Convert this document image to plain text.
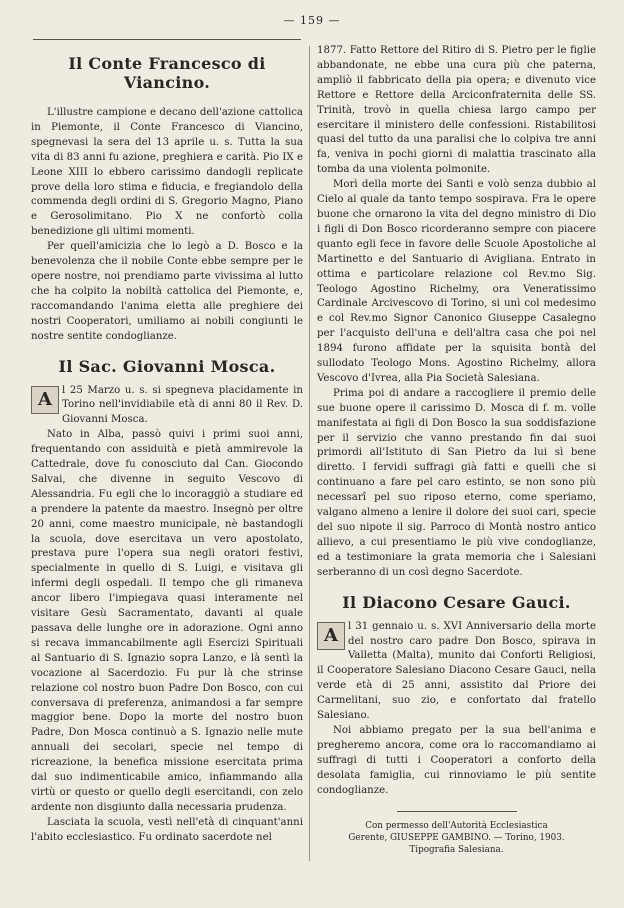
— 159 —
Il Conte Francesco di Viancino.

L'illustre campione e decano dell'azione cattolica in Piemonte, il Conte Francesco di Viancino, spegnevasi la sera del 13 aprile u. s. Tutta la sua vita di 83 anni fu azione, preghiera e carità. Pio IX e Leone XIII lo ebbero carissimo dandogli replicate prove della loro stima e fiducia, e fregiandolo della commenda degli ordini di S. Gregorio Magno, Piano e Gerosolimitano. Pio X ne confortò colla benedizione gli ultimi momenti.

Per quell'amicizia che lo legò a D. Bosco e la benevolenza che il nobile Conte ebbe sempre per le opere nostre, noi prendiamo parte vivissima al lutto che ha colpito la nobiltà cattolica del Piemonte, e, raccomandando l'anima eletta alle preghiere dei nostri Cooperatori, umiliamo ai nobili congiunti le nostre sentite condoglianze.

Il Sac. Giovanni Mosca.

A l 25 Marzo u. s. si spegneva placidamente in Torino nell'invidiabile età di anni 80 il Rev. D. Giovanni Mosca.

Nato in Alba, passò quivi i primi suoi anni, frequentando con assiduità e pietà ammirevole la Cattedrale, dove fu conosciuto dal Can. Giocondo Salvai, che divenne in seguito Vescovo di Alessandria. Fu egli che lo incoraggiò a studiare ed a prendere la patente da maestro. Insegnò per oltre 20 anni, come maestro municipale, nè bastandogli la scuola, dove esercitava un vero apostolato, prestava pure l'opera sua negli oratori festivi, specialmente in quello di S. Luigi, e visitava gli infermi degli ospedali. Il tempo che gli rimaneva ancor libero l'impiegava quasi interamente nel visitare Gesù Sacramentato, davanti al quale passava delle lunghe ore in adorazione. Ogni anno si recava immancabilmente agli Esercizi Spirituali al Santuario di S. Ignazio sopra Lanzo, e là sentì la vocazione al Sacerdozio. Fu pur là che strinse relazione col nostro buon Padre Don Bosco, con cui conversava di preferenza, animandosi a far sempre maggior bene. Dopo la morte del nostro buon Padre, Don Mosca continuò a S. Ignazio nelle mute annuali dei secolari, specie nel tempo di ricreazione, la benefica missione esercitata prima dal suo indimenticabile amico, infiammando alla virtù or questo or quello degli esercitandi, con zelo ardente non disgiunto dalla necessaria prudenza.

Lasciata la scuola, vestì nell'età di cinquant'anni l'abito ecclesiastico. Fu ordinato sacerdote nel

1877. Fatto Rettore del Ritiro di S. Pietro per le figlie abbandonate, ne ebbe una cura più che paterna, ampliò il fabbricato della pia opera; e divenuto vice Rettore e Rettore della Arciconfraternita delle SS. Trinità, trovò in quella chiesa largo campo per esercitare il ministero delle confessioni. Ristabilitosi quasi del tutto da una paralisi che lo colpiva tre anni fa, veniva in pochi giorni di malattia trascinato alla tomba da una violenta polmonite.

Morì della morte dei Santi e volò senza dubbio al Cielo al quale da tanto tempo sospirava. Fra le opere buone che ornarono la vita del degno ministro di Dio i figli di Don Bosco ricorderanno sempre con piacere quanto egli fece in favore delle Scuole Apostoliche al Martinetto e del Santuario di Avigliana. Entrato in ottima e particolare relazione col Rev.mo Sig. Teologo Agostino Richelmy, ora Veneratissimo Cardinale Arcivescovo di Torino, si unì col medesimo e col Rev.mo Signor Canonico Giuseppe Casalegno per l'acquisto dell'una e dell'altra casa che poi nel 1894 furono affidate per la squisita bontà del sullodato Teologo Mons. Agostino Richelmy, allora Vescovo d'Ivrea, alla Pia Società Salesiana.

Prima poi di andare a raccogliere il premio delle sue buone opere il carissimo D. Mosca di f. m. volle manifestata ai figli di Don Bosco la sua soddisfazione per il servizio che vanno prestando fin dai suoi primordi all'Istituto di San Pietro da lui sì bene diretto. I fervidi suffragi già fatti e quelli che si continuano a fare pel caro estinto, se non sono più necessarî pel suo riposo eterno, come speriamo, valgano almeno a lenire il dolore dei suoi cari, specie del suo nipote il sig. Parroco di Montà nostro antico allievo, a cui presentiamo le più vive condoglianze, ed a testimoniare la grata memoria che i Salesiani serberanno di un così degno Sacerdote.

Il Diacono Cesare Gauci.

A l 31 gennaio u. s. XVI Anniversario della morte del nostro caro padre Don Bosco, spirava in Valletta (Malta), munito dai Conforti Religiosi, il Cooperatore Salesiano Diacono Cesare Gauci, nella verde età di 25 anni, assistito dal Priore dei Carmelitani, suo zio, e confortato dal fratello Salesiano.

Noi abbiamo pregato per la sua bell'anima e pregheremo ancora, come ora lo raccomandiamo ai suffragi di tutti i Cooperatori a conforto della desolata famiglia, cui rinnoviamo le più sentite condoglianze.

Con permesso dell'Autorità Ecclesiastica
Gerente, GIUSEPPE GAMBINO. — Torino, 1903.
Tipografia Salesiana.
